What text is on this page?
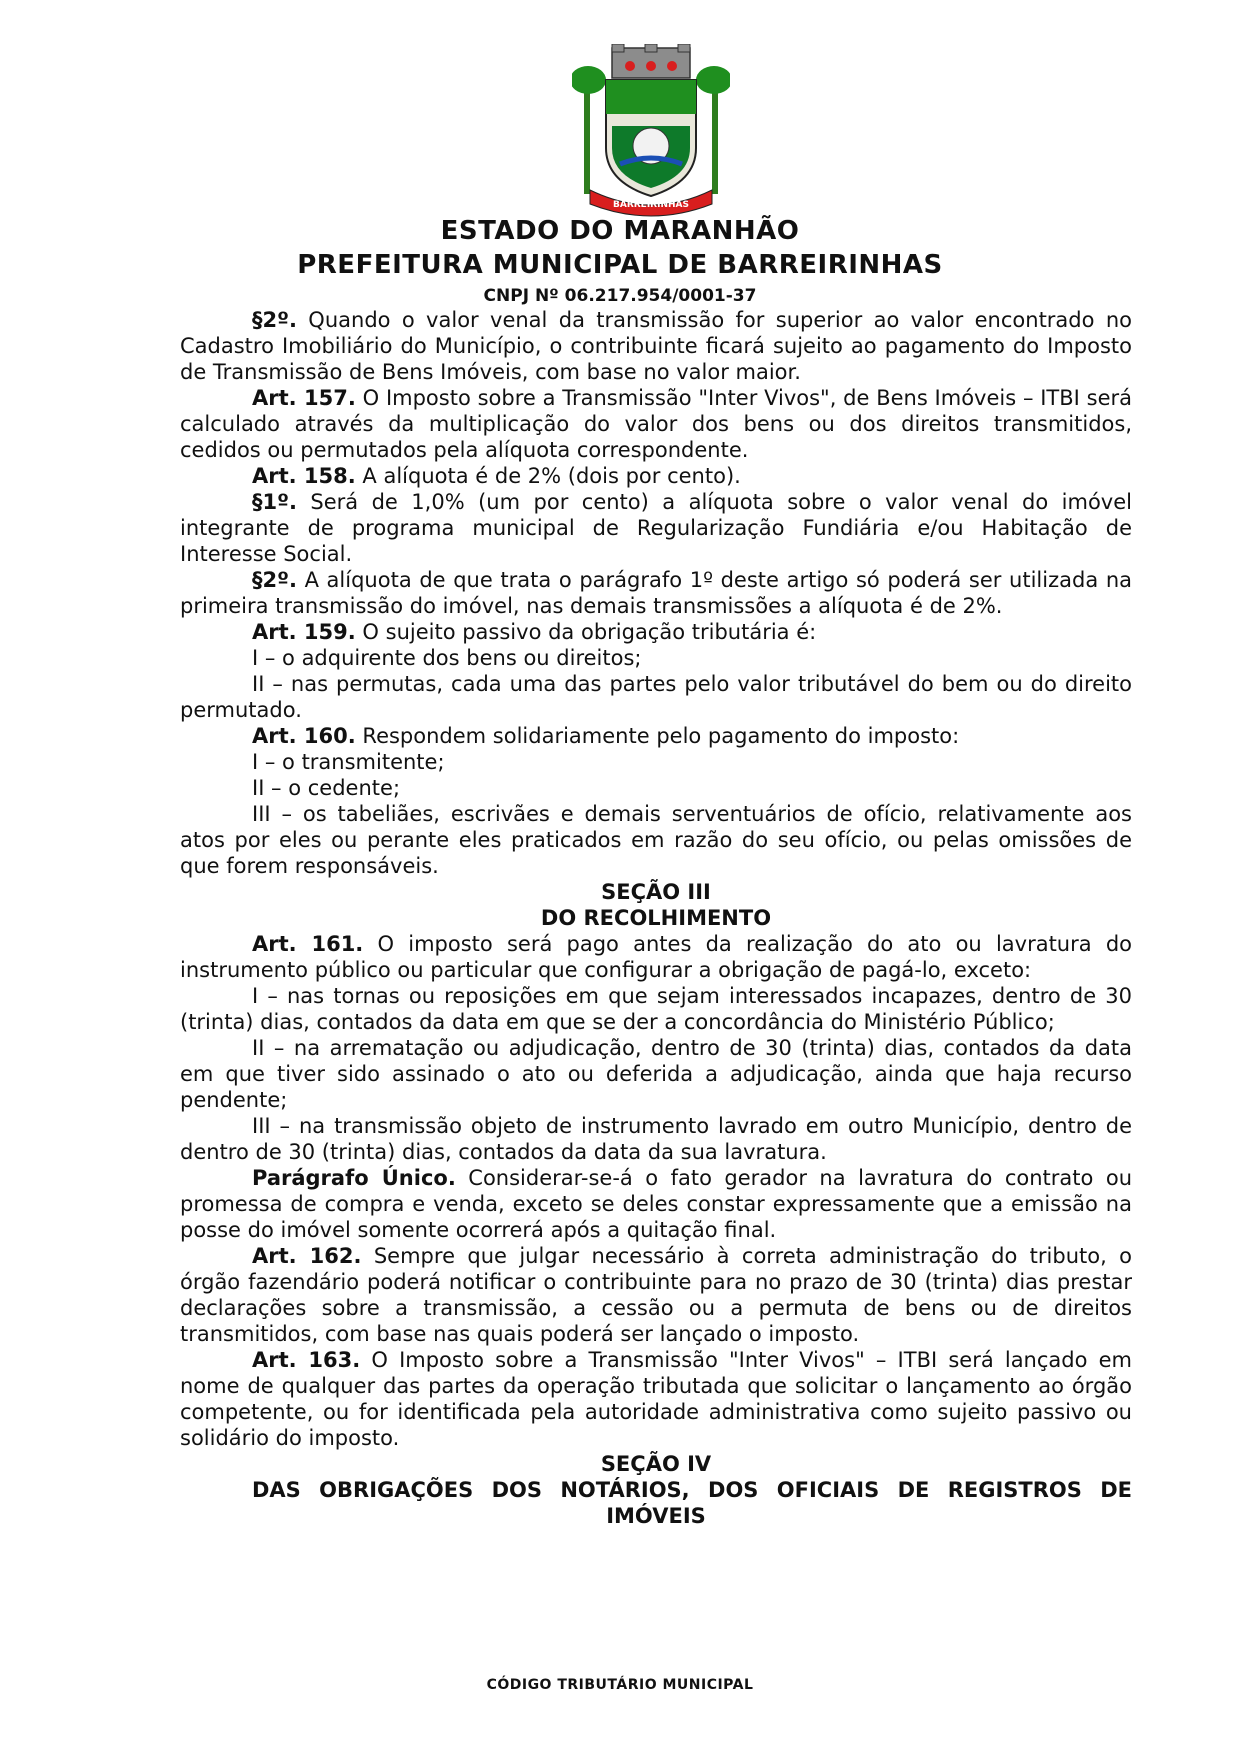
BARREIRINHAS
ESTADO DO MARANHÃO
PREFEITURA MUNICIPAL DE BARREIRINHAS
CNPJ Nº 06.217.954/0001-37

§2º. Quando o valor venal da transmissão for superior ao valor encontrado no Cadastro Imobiliário do Município, o contribuinte ficará sujeito ao pagamento do Imposto de Transmissão de Bens Imóveis, com base no valor maior.

Art. 157. O Imposto sobre a Transmissão "Inter Vivos", de Bens Imóveis – ITBI será calculado através da multiplicação do valor dos bens ou dos direitos transmitidos, cedidos ou permutados pela alíquota correspondente.

Art. 158. A alíquota é de 2% (dois por cento).

§1º. Será de 1,0% (um por cento) a alíquota sobre o valor venal do imóvel integrante de programa municipal de Regularização Fundiária e/ou Habitação de Interesse Social.

§2º. A alíquota de que trata o parágrafo 1º deste artigo só poderá ser utilizada na primeira transmissão do imóvel, nas demais transmissões a alíquota é de 2%.

Art. 159. O sujeito passivo da obrigação tributária é:

I – o adquirente dos bens ou direitos;

II – nas permutas, cada uma das partes pelo valor tributável do bem ou do direito permutado.

Art. 160. Respondem solidariamente pelo pagamento do imposto:

I – o transmitente;

II – o cedente;

III – os tabeliães, escrivães e demais serventuários de ofício, relativamente aos atos por eles ou perante eles praticados em razão do seu ofício, ou pelas omissões de que forem responsáveis.

SEÇÃO III

DO RECOLHIMENTO

Art. 161. O imposto será pago antes da realização do ato ou lavratura do instrumento público ou particular que configurar a obrigação de pagá-lo, exceto:

I – nas tornas ou reposições em que sejam interessados incapazes, dentro de 30 (trinta) dias, contados da data em que se der a concordância do Ministério Público;

II – na arrematação ou adjudicação, dentro de 30 (trinta) dias, contados da data em que tiver sido assinado o ato ou deferida a adjudicação, ainda que haja recurso pendente;

III – na transmissão objeto de instrumento lavrado em outro Município, dentro de dentro de 30 (trinta) dias, contados da data da sua lavratura.

Parágrafo Único. Considerar-se-á o fato gerador na lavratura do contrato ou promessa de compra e venda, exceto se deles constar expressamente que a emissão na posse do imóvel somente ocorrerá após a quitação final.

Art. 162. Sempre que julgar necessário à correta administração do tributo, o órgão fazendário poderá notificar o contribuinte para no prazo de 30 (trinta) dias prestar declarações sobre a transmissão, a cessão ou a permuta de bens ou de direitos transmitidos, com base nas quais poderá ser lançado o imposto.

Art. 163. O Imposto sobre a Transmissão "Inter Vivos" – ITBI será lançado em nome de qualquer das partes da operação tributada que solicitar o lançamento ao órgão competente, ou for identificada pela autoridade administrativa como sujeito passivo ou solidário do imposto.

SEÇÃO IV

DAS OBRIGAÇÕES DOS NOTÁRIOS, DOS OFICIAIS DE REGISTROS DE IMÓVEIS

CÓDIGO TRIBUTÁRIO MUNICIPAL
